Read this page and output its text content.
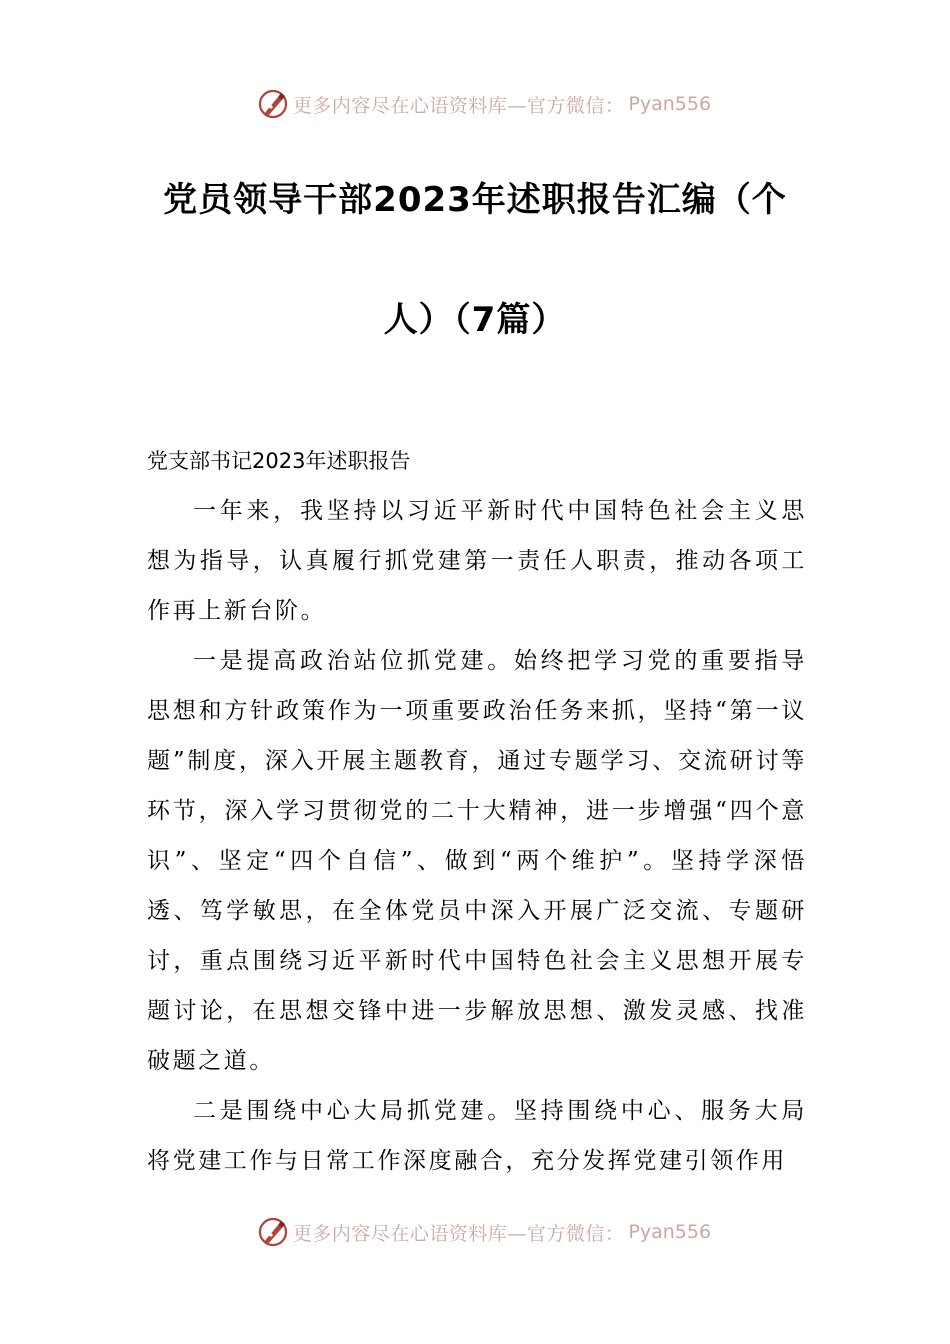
更多内容尽在心语资料库—官方微信： Pyan556
党员领导干部2023年述职报告汇编（个
人）（7篇）
党支部书记2023年述职报告

一年来，我坚持以习近平新时代中国特色社会主义思想为指导，认真履行抓党建第一责任人职责，推动各项工作再上新台阶。

一是提高政治站位抓党建。始终把学习党的重要指导思想和方针政策作为一项重要政治任务来抓，坚持“第一议题”制度，深入开展主题教育，通过专题学习、交流研讨等环节，深入学习贯彻党的二十大精神，进一步增强“四个意识”、坚定“四个自信”、做到“两个维护”。坚持学深悟透、笃学敏思，在全体党员中深入开展广泛交流、专题研讨，重点围绕习近平新时代中国特色社会主义思想开展专题讨论，在思想交锋中进一步解放思想、激发灵感、找准破题之道。

二是围绕中心大局抓党建。坚持围绕中心、服务大局将党建工作与日常工作深度融合，充分发挥党建引领作用

更多内容尽在心语资料库—官方微信： Pyan556
